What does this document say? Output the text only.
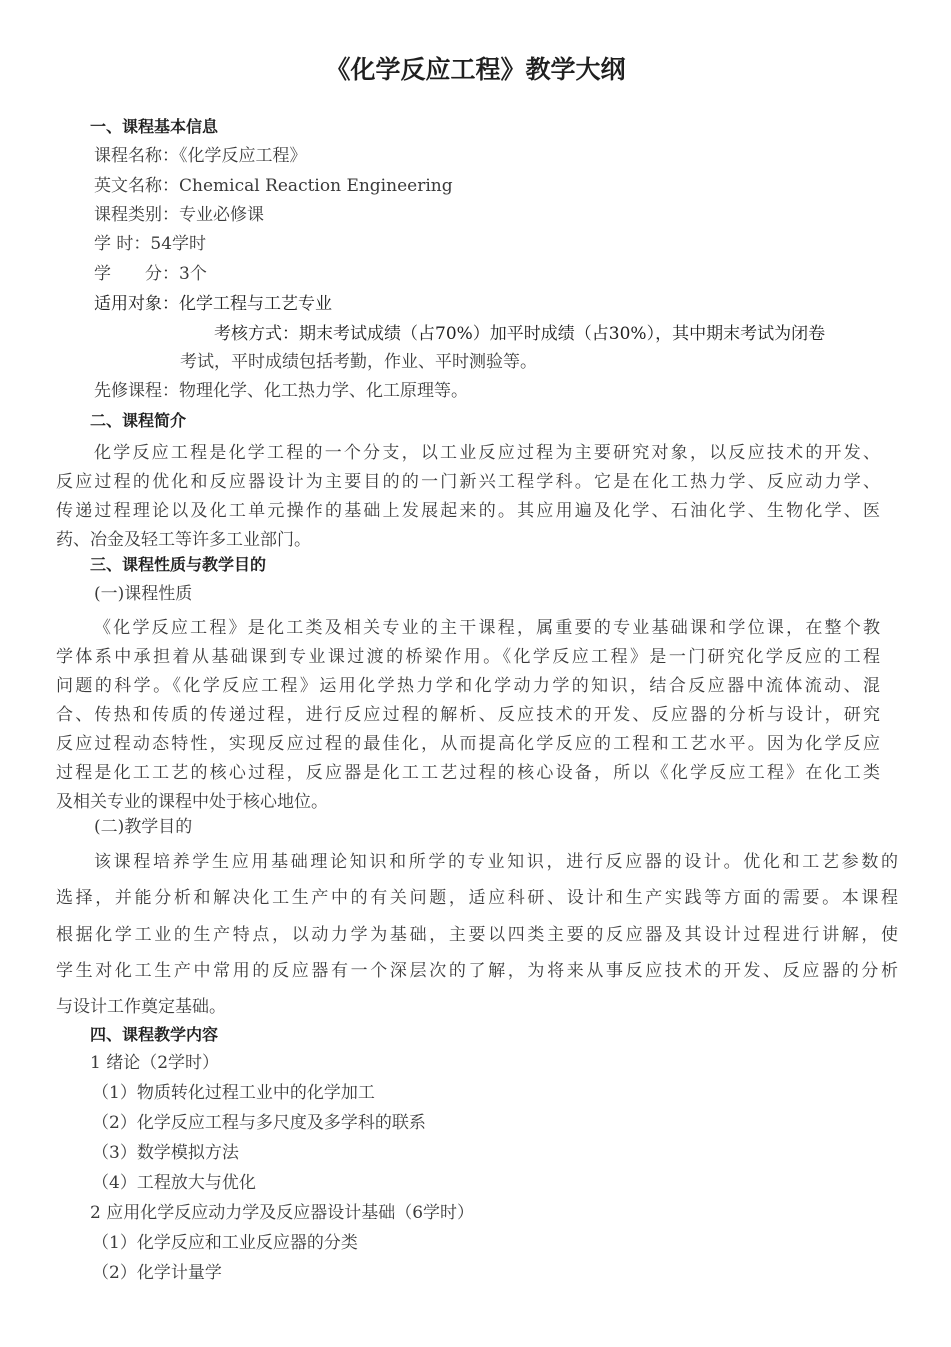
《化学反应工程》教学大纲
一、课程基本信息
课程名称：《化学反应工程》
英文名称：Chemical Reaction Engineering
课程类别：专业必修课
学 时：54学时
学　　分：3个
适用对象：化学工程与工艺专业
考核方式：期末考试成绩（占70%）加平时成绩（占30%），其中期末考试为闭卷
考试，平时成绩包括考勤，作业、平时测验等。
先修课程：物理化学、化工热力学、化工原理等。
二、课程简介
化学反应工程是化学工程的一个分支，以工业反应过程为主要研究对象，以反应技术的开发、
反应过程的优化和反应器设计为主要目的的一门新兴工程学科。它是在化工热力学、反应动力学、
传递过程理论以及化工单元操作的基础上发展起来的。其应用遍及化学、石油化学、生物化学、医
药、冶金及轻工等许多工业部门。
三、课程性质与教学目的
(一)课程性质
《化学反应工程》是化工类及相关专业的主干课程，属重要的专业基础课和学位课，在整个教
学体系中承担着从基础课到专业课过渡的桥梁作用。《化学反应工程》是一门研究化学反应的工程
问题的科学。《化学反应工程》运用化学热力学和化学动力学的知识，结合反应器中流体流动、混
合、传热和传质的传递过程，进行反应过程的解析、反应技术的开发、反应器的分析与设计，研究
反应过程动态特性，实现反应过程的最佳化，从而提高化学反应的工程和工艺水平。因为化学反应
过程是化工工艺的核心过程，反应器是化工工艺过程的核心设备，所以《化学反应工程》在化工类
及相关专业的课程中处于核心地位。
(二)教学目的
该课程培养学生应用基础理论知识和所学的专业知识，进行反应器的设计。优化和工艺参数的
选择，并能分析和解决化工生产中的有关问题，适应科研、设计和生产实践等方面的需要。本课程
根据化学工业的生产特点，以动力学为基础，主要以四类主要的反应器及其设计过程进行讲解，使
学生对化工生产中常用的反应器有一个深层次的了解，为将来从事反应技术的开发、反应器的分析
与设计工作奠定基础。
四、课程教学内容
1 绪论（2学时）
（1）物质转化过程工业中的化学加工
（2）化学反应工程与多尺度及多学科的联系
（3）数学模拟方法
（4）工程放大与优化
2 应用化学反应动力学及反应器设计基础（6学时）
（1）化学反应和工业反应器的分类
（2）化学计量学
